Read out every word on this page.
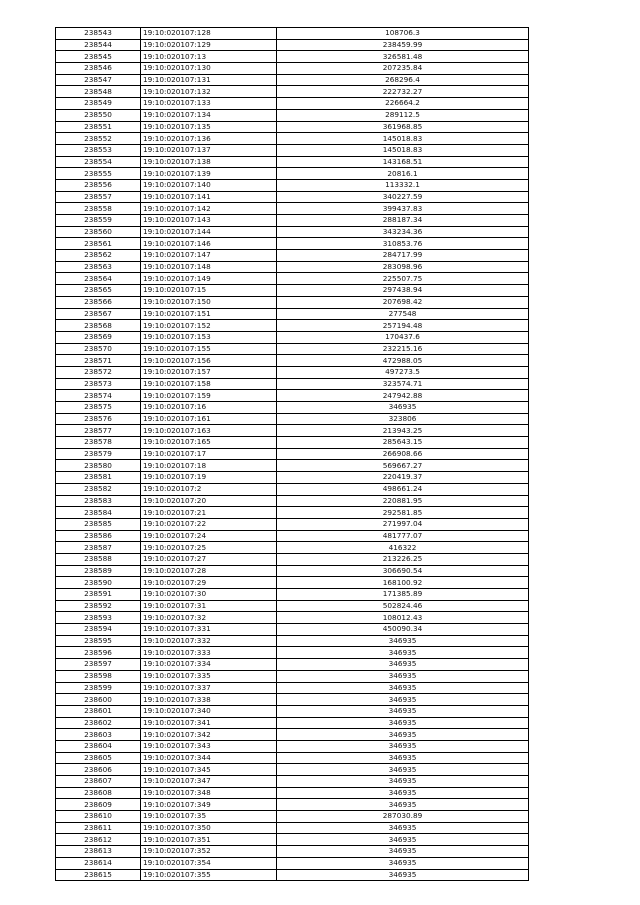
238543	19:10:020107:128	108706.3
238544	19:10:020107:129	238459.99
238545	19:10:020107:13	326581.48
238546	19:10:020107:130	207235.84
238547	19:10:020107:131	268296.4
238548	19:10:020107:132	222732.27
238549	19:10:020107:133	226664.2
238550	19:10:020107:134	289112.5
238551	19:10:020107:135	361968.85
238552	19:10:020107:136	145018.83
238553	19:10:020107:137	145018.83
238554	19:10:020107:138	143168.51
238555	19:10:020107:139	20816.1
238556	19:10:020107:140	113332.1
238557	19:10:020107:141	340227.59
238558	19:10:020107:142	399437.83
238559	19:10:020107:143	288187.34
238560	19:10:020107:144	343234.36
238561	19:10:020107:146	310853.76
238562	19:10:020107:147	284717.99
238563	19:10:020107:148	283098.96
238564	19:10:020107:149	225507.75
238565	19:10:020107:15	297438.94
238566	19:10:020107:150	207698.42
238567	19:10:020107:151	277548
238568	19:10:020107:152	257194.48
238569	19:10:020107:153	170437.6
238570	19:10:020107:155	232215.16
238571	19:10:020107:156	472988.05
238572	19:10:020107:157	497273.5
238573	19:10:020107:158	323574.71
238574	19:10:020107:159	247942.88
238575	19:10:020107:16	346935
238576	19:10:020107:161	323806
238577	19:10:020107:163	213943.25
238578	19:10:020107:165	285643.15
238579	19:10:020107:17	266908.66
238580	19:10:020107:18	569667.27
238581	19:10:020107:19	220419.37
238582	19:10:020107:2	498661.24
238583	19:10:020107:20	220881.95
238584	19:10:020107:21	292581.85
238585	19:10:020107:22	271997.04
238586	19:10:020107:24	481777.07
238587	19:10:020107:25	416322
238588	19:10:020107:27	213226.25
238589	19:10:020107:28	306690.54
238590	19:10:020107:29	168100.92
238591	19:10:020107:30	171385.89
238592	19:10:020107:31	502824.46
238593	19:10:020107:32	108012.43
238594	19:10:020107:331	450090.34
238595	19:10:020107:332	346935
238596	19:10:020107:333	346935
238597	19:10:020107:334	346935
238598	19:10:020107:335	346935
238599	19:10:020107:337	346935
238600	19:10:020107:338	346935
238601	19:10:020107:340	346935
238602	19:10:020107:341	346935
238603	19:10:020107:342	346935
238604	19:10:020107:343	346935
238605	19:10:020107:344	346935
238606	19:10:020107:345	346935
238607	19:10:020107:347	346935
238608	19:10:020107:348	346935
238609	19:10:020107:349	346935
238610	19:10:020107:35	287030.89
238611	19:10:020107:350	346935
238612	19:10:020107:351	346935
238613	19:10:020107:352	346935
238614	19:10:020107:354	346935
238615	19:10:020107:355	346935
